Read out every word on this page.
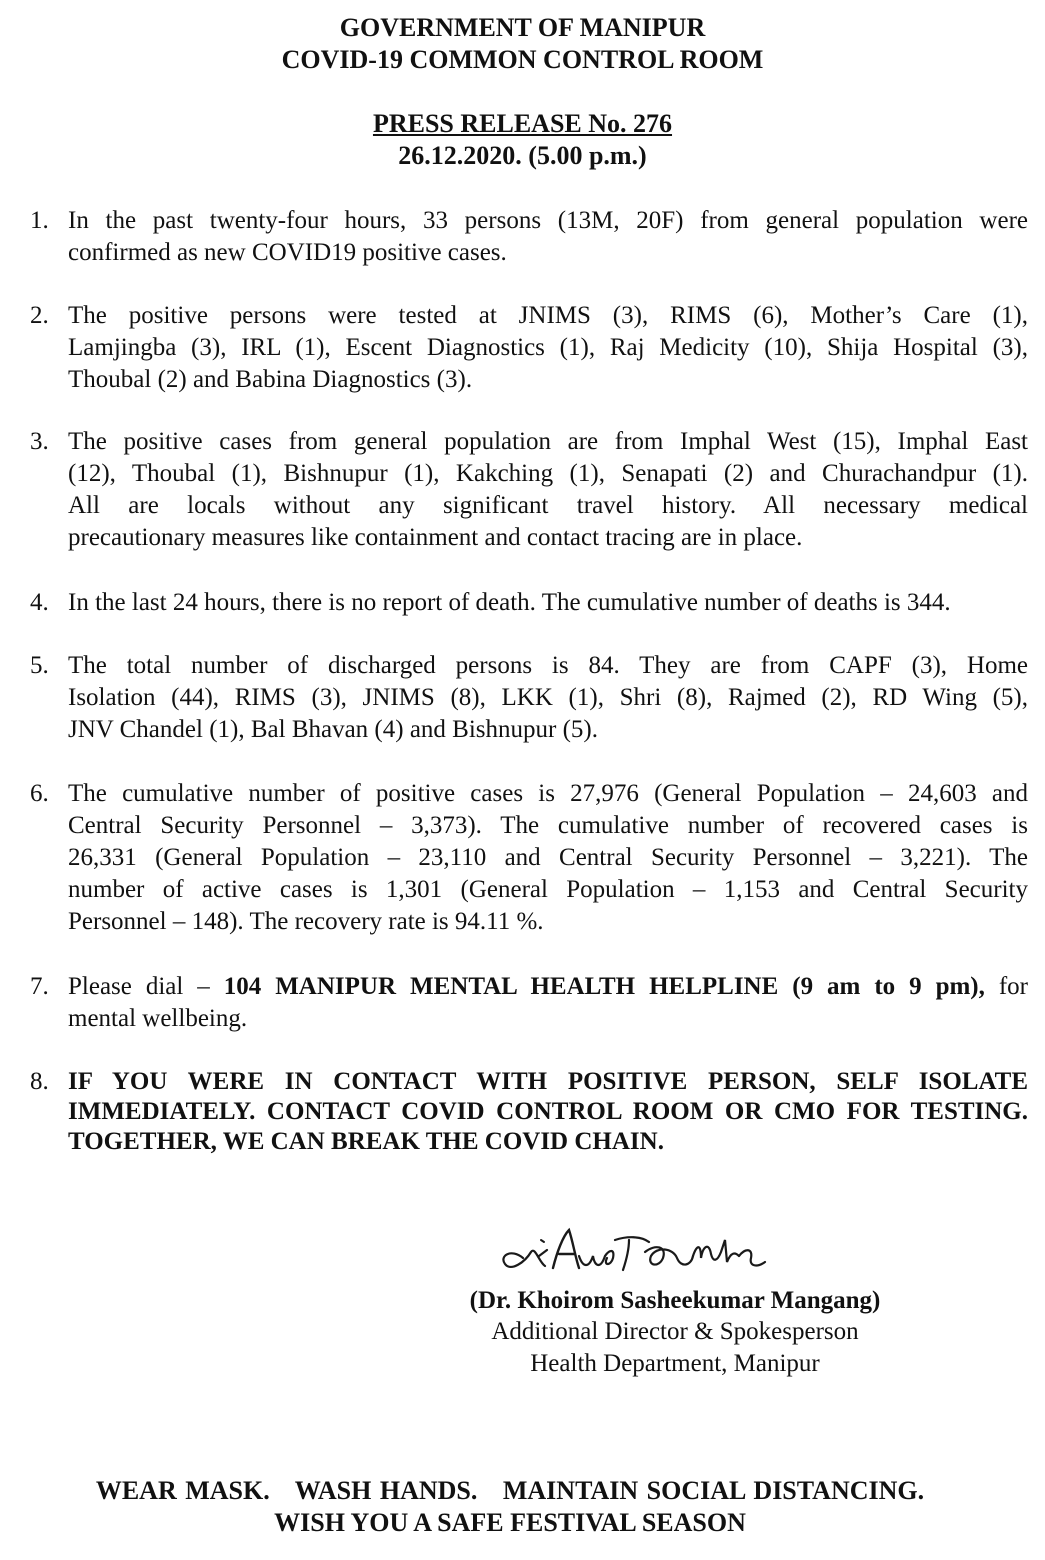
GOVERNMENT OF MANIPUR
COVID-19 COMMON CONTROL ROOM
PRESS RELEASE No. 276
26.12.2020. (5.00 p.m.)
1. In the past twenty-four hours, 33 persons (13M, 20F) from general population were
confirmed as new COVID19 positive cases.
2. The positive persons were tested at JNIMS (3), RIMS (6), Mother’s Care (1),
Lamjingba (3), IRL (1), Escent Diagnostics (1), Raj Medicity (10), Shija Hospital (3),
Thoubal (2) and Babina Diagnostics (3).
3. The positive cases from general population are from Imphal West (15), Imphal East
(12), Thoubal (1), Bishnupur (1), Kakching (1), Senapati (2) and Churachandpur (1).
All are locals without any significant travel history. All necessary medical
precautionary measures like containment and contact tracing are in place.
4. In the last 24 hours, there is no report of death. The cumulative number of deaths is 344.
5. The total number of discharged persons is 84. They are from CAPF (3), Home
Isolation (44), RIMS (3), JNIMS (8), LKK (1), Shri (8), Rajmed (2), RD Wing (5),
JNV Chandel (1), Bal Bhavan (4) and Bishnupur (5).
6. The cumulative number of positive cases is 27,976 (General Population – 24,603 and
Central Security Personnel – 3,373). The cumulative number of recovered cases is
26,331 (General Population – 23,110 and Central Security Personnel – 3,221). The
number of active cases is 1,301 (General Population – 1,153 and Central Security
Personnel – 148). The recovery rate is 94.11 %.
7. Please dial – 104 MANIPUR MENTAL HEALTH HELPLINE (9 am to 9 pm), for
mental wellbeing.
8. IF YOU WERE IN CONTACT WITH POSITIVE PERSON, SELF ISOLATE
IMMEDIATELY. CONTACT COVID CONTROL ROOM OR CMO FOR TESTING.
TOGETHER, WE CAN BREAK THE COVID CHAIN.
(Dr. Khoirom Sasheekumar Mangang)
Additional Director & Spokesperson
Health Department, Manipur
WEAR MASK.   WASH HANDS.   MAINTAIN SOCIAL DISTANCING.
WISH YOU A SAFE FESTIVAL SEASON
